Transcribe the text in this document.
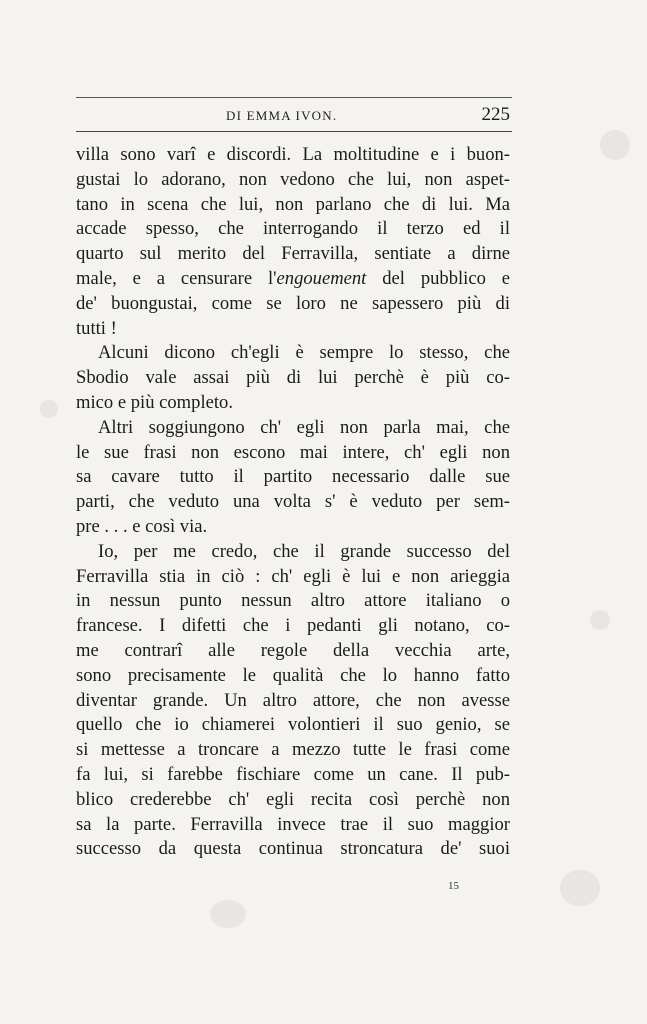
DI EMMA IVON.	225
villa sono varî e discordi. La moltitudine e i buon-
gustai lo adorano, non vedono che lui, non aspet-
tano in scena che lui, non parlano che di lui. Ma
accade spesso, che interrogando il terzo ed il
quarto sul merito del Ferravilla, sentiate a dirne
male, e a censurare l'engouement del pubblico e
de' buongustai, come se loro ne sapessero più di
tutti !
Alcuni dicono ch'egli è sempre lo stesso, che
Sbodio vale assai più di lui perchè è più co-
mico e più completo.
Altri soggiungono ch' egli non parla mai, che
le sue frasi non escono mai intere, ch' egli non
sa cavare tutto il partito necessario dalle sue
parti, che veduto una volta s' è veduto per sem-
pre . . . e così via.
Io, per me credo, che il grande successo del
Ferravilla stia in ciò : ch' egli è lui e non arieggia
in nessun punto nessun altro attore italiano o
francese. I difetti che i pedanti gli notano, co-
me contrarî alle regole della vecchia arte,
sono precisamente le qualità che lo hanno fatto
diventar grande. Un altro attore, che non avesse
quello che io chiamerei volontieri il suo genio, se
si mettesse a troncare a mezzo tutte le frasi come
fa lui, si farebbe fischiare come un cane. Il pub-
blico crederebbe ch' egli recita così perchè non
sa la parte. Ferravilla invece trae il suo maggior
successo da questa continua stroncatura de' suoi
15
